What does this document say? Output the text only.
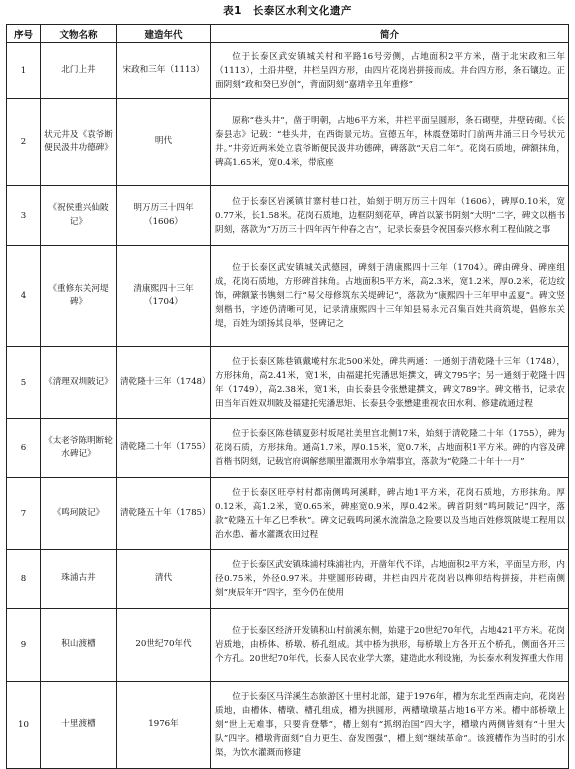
表1　长泰区水利文化遗产
序号	文物名称	建造年代	简介
1	北门上井	宋政和三年（1113）	位于长泰区武安镇城关村和平路16号旁侧，占地面积2平方米，凿于北宋政和三年（1113），土沿井壁，井栏呈四方形，由四片花岗岩拼接而成。井台四方形，条石镶边。正面阴刻“政和癸巳岁创”，背面阴刻“嘉靖辛丑年重修”

2	状元井及《袁爷断便民汲井功德碑》	明代	原称“巷头井”，凿于明朝，占地6平方米，井栏平面呈圆形，条石砌壁，井壁砖砌。《长泰县志》记载：“巷头井，在西街景元坊。宣德五年，林震登第时门前两井涌三日今号状元井。”井旁近两米处立袁爷断便民汲井功德碑，碑落款“天启二年”。花岗石质地，碑额抹角，碑高1.65米，宽0.4米，带底座

3	《祝侯重兴仙陂记》	明万历三十四年（1606）	位于长泰区岩溪镇甘寨村巷口社，始刻于明万历三十四年（1606），碑厚0.10米，宽0.77米，长1.58米。花岗石质地，边框阴刻花草，碑首以篆书阴刻“大明”二字，碑文以楷书阴刻，落款为“万历三十四年丙午仲春之吉”，记录长泰县令祝国泰兴修水利工程仙陂之事

4	《重修东关河堤碑》	清康熙四十三年（1704）	位于长泰区武安镇城关武德园，碑刻于清康熙四十三年（1704）。碑由碑身、碑座组成，花岗石质地，方形碑首抹角。占地面积5平方米，高2.3米，宽1.2米，厚0.2米，花边纹饰，碑额篆书镌刻二行“易父母修筑东关堤碑记”，落款为“康熙四十三年甲申孟夏”。碑文竖刻楷书，字迹仍清晰可见，记录清康熙四十三年知县易永元召集百姓共商筑堤，倡修东关堤，百姓为颂扬其良举，竖碑记之

5	《清理双圳陂记》	清乾隆十三年（1748）	位于长泰区陈巷镇戴墘村东北500米处，碑共两通：一通刻于清乾隆十三年（1748），方形抹角，高2.41米，宽1米，由福建托宪潘思矩撰文，碑文795字；另一通刻于乾隆十四年（1749），高2.38米，宽1米，由长泰县令张懋建撰文，碑文789字。碑文楷书，记录农田当年百姓双圳陂及福建托宪潘思矩、长泰县令张懋建重视农田水利、修建疏通过程

6	《太老爷陈明断轮水碑记》	清乾隆二十年（1755）	位于长泰区陈巷镇夏彭村坂尾社美里宫北侧17米，始刻于清乾隆二十年（1755），碑为花岗石质，方形抹角。通高1.7米，厚0.15米，宽0.7米，占地面积1平方米。碑的内容及碑首楷书阴刻，记载官府调解慈顺里灌溉用水争端事宜，落款为“乾隆二十年十一月”

7	《鸣珂陂记》	清乾隆五十年（1785）	位于长泰区旺亭村村都南侧鸣珂溪畔，碑占地1平方米，花岗石质地，方形抹角。厚0.12米，高1.2米，宽0.65米，碑座宽0.9米，厚0.42米。碑首阴刻“鸣珂陂记”四字，落款“乾隆五十年乙巳季秋”。碑文记载鸣珂溪水流湍急之险要以及当地百姓修筑陂堤工程用以治水患、蓄水灌溉农田过程

8	珠浦古井	清代	位于长泰区武安镇珠浦村珠浦社内，开凿年代不详，占地面积2平方米，平面呈方形，内径0.75米，外径0.97米。井壁圆形砖砌，井栏由四片花岗岩以榫卯结构拼接，井栏南侧刻“庚辰年开”四字，至今仍在使用

9	积山渡槽	20世纪70年代	位于长泰区经济开发镇积山村前溪东侧，始建于20世纪70年代，占地421平方米。花岗岩质地，由桥体、桥墩、桥孔组成。其中桥为拱形，每桥墩上方各开五个桥孔，侧面各开三个方孔。20世纪70年代，长泰人民农业学大寨，建造此水利设施，为长泰水利发挥重大作用

10	十里渡槽	1976年	位于长泰区马洋溪生态旅游区十里村北部，建于1976年，槽为东北至西南走向，花岗岩质地，由槽体、槽墩、槽孔组成，槽为拱圆形，两槽墩墩基占地16平方米。槽中部桥墩上刻“世上无难事，只要肯登攀”，槽上刻有“抓纲治国”四大字，槽墩内两侧皆刻有“十里大队”四字。槽墩背面刻“自力更生、奋发图强”，槽上刻“继续革命”。该渡槽作为当时的引水渠，为饮水灌溉而修建
